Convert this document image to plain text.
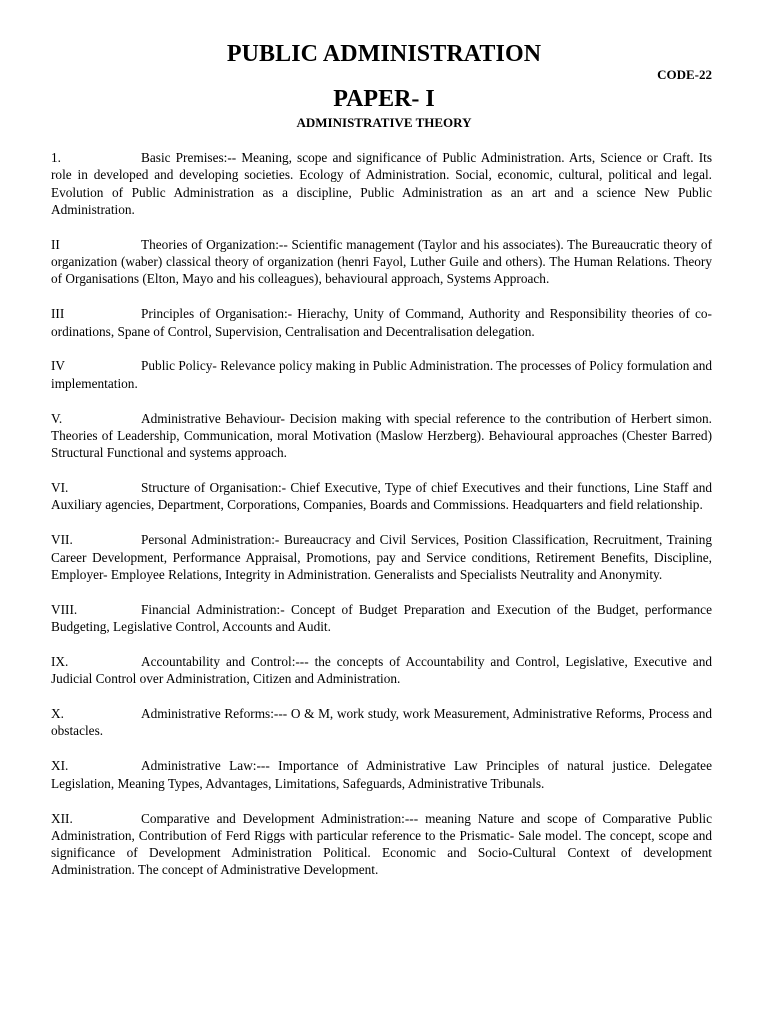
PUBLIC ADMINISTRATION
CODE-22
PAPER- I
ADMINISTRATIVE THEORY

1.	Basic Premises:-- Meaning, scope and significance of Public Administration. Arts, Science or Craft. Its role in developed and developing societies. Ecology of Administration. Social, economic, cultural, political and legal. Evolution of Public Administration as a discipline, Public Administration as an art and a science New Public Administration.

II	Theories of Organization:-- Scientific management (Taylor and his associates). The Bureaucratic theory of organization (waber) classical theory of organization (henri Fayol, Luther Guile and others). The Human Relations. Theory of Organisations (Elton, Mayo and his colleagues), behavioural approach, Systems Approach.

III	Principles of Organisation:- Hierachy, Unity of Command, Authority and Responsibility theories of co-ordinations, Spane of Control, Supervision, Centralisation and Decentralisation delegation.

IV	Public Policy- Relevance policy making in Public Administration. The processes of Policy formulation and implementation.

V.	Administrative Behaviour- Decision making with special reference to the contribution of Herbert simon. Theories of Leadership, Communication, moral Motivation (Maslow Herzberg). Behavioural approaches (Chester Barred) Structural Functional and systems approach.

VI.	Structure of Organisation:- Chief Executive, Type of chief Executives and their functions, Line Staff and Auxiliary agencies, Department, Corporations, Companies, Boards and Commissions. Headquarters and field relationship.

VII.	Personal Administration:- Bureaucracy and Civil Services, Position Classification, Recruitment, Training Career Development, Performance Appraisal, Promotions, pay and Service conditions, Retirement Benefits, Discipline, Employer- Employee Relations, Integrity in Administration. Generalists and Specialists Neutrality and Anonymity.

VIII.	Financial Administration:- Concept of Budget Preparation and Execution of the Budget, performance Budgeting, Legislative Control, Accounts and Audit.

IX.	Accountability and Control:--- the concepts of Accountability and Control, Legislative, Executive and Judicial Control over Administration, Citizen and Administration.

X.	Administrative Reforms:--- O & M, work study, work Measurement, Administrative Reforms, Process and obstacles.

XI.	Administrative Law:--- Importance of Administrative Law Principles of natural justice. Delegatee Legislation, Meaning Types, Advantages, Limitations, Safeguards, Administrative Tribunals.

XII.	Comparative and Development Administration:--- meaning Nature and scope of Comparative Public Administration, Contribution of Ferd Riggs with particular reference to the Prismatic- Sale model. The concept, scope and significance of Development Administration Political. Economic and Socio-Cultural Context of development Administration. The concept of Administrative Development.
